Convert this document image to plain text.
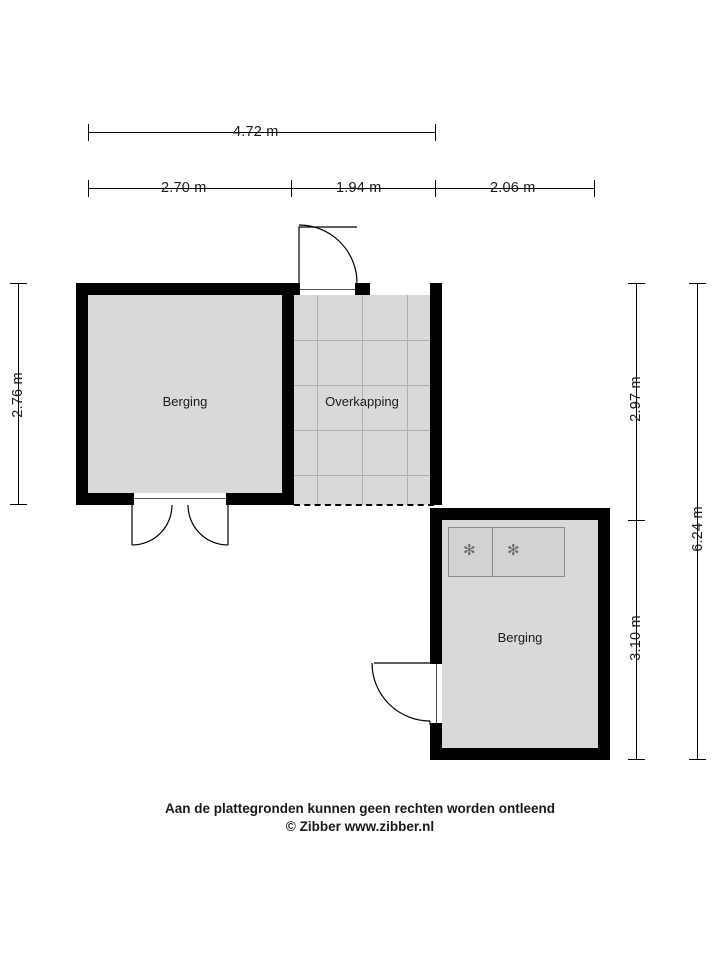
4.72 m
2.70 m	1.94 m	2.06 m
2.76 m	2.97 m
3.10 m
6.24 m
Berging	Overkapping
✻ ✻
Berging
Aan de plattegronden kunnen geen rechten worden ontleend
© Zibber www.zibber.nl
